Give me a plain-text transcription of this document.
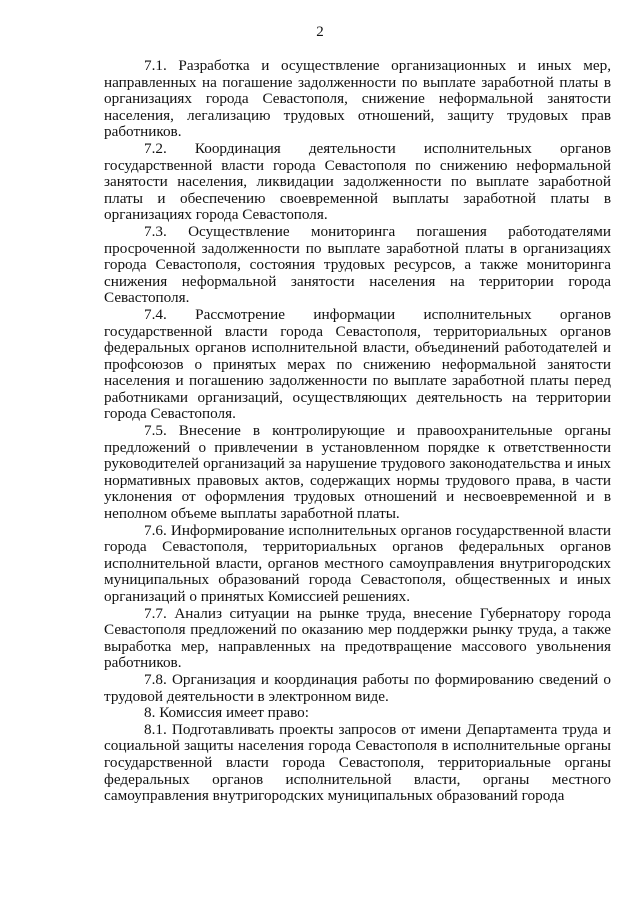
2

7.1. Разработка и осуществление организационных и иных мер, направленных на погашение задолженности по выплате заработной платы в организациях города Севастополя, снижение неформальной занятости населения, легализацию трудовых отношений, защиту трудовых прав работников.

7.2. Координация деятельности исполнительных органов государственной власти города Севастополя по снижению неформальной занятости населения, ликвидации задолженности по выплате заработной платы и обеспечению своевременной выплаты заработной платы в организациях города Севастополя.

7.3. Осуществление мониторинга погашения работодателями просроченной задолженности по выплате заработной платы в организациях города Севастополя, состояния трудовых ресурсов, а также мониторинга снижения неформальной занятости населения на территории города Севастополя.

7.4. Рассмотрение информации исполнительных органов государственной власти города Севастополя, территориальных органов федеральных органов исполнительной власти, объединений работодателей и профсоюзов о принятых мерах по снижению неформальной занятости населения и погашению задолженности по выплате заработной платы перед работниками организаций, осуществляющих деятельность на территории города Севастополя.

7.5. Внесение в контролирующие и правоохранительные органы предложений о привлечении в установленном порядке к ответственности руководителей организаций за нарушение трудового законодательства и иных нормативных правовых актов, содержащих нормы трудового права, в части уклонения от оформления трудовых отношений и несвоевременной и в неполном объеме выплаты заработной платы.

7.6. Информирование исполнительных органов государственной власти города Севастополя, территориальных органов федеральных органов исполнительной власти, органов местного самоуправления внутригородских муниципальных образований города Севастополя, общественных и иных организаций о принятых Комиссией решениях.

7.7. Анализ ситуации на рынке труда, внесение Губернатору города Севастополя предложений по оказанию мер поддержки рынку труда, а также выработка мер, направленных на предотвращение массового увольнения работников.

7.8. Организация и координация работы по формированию сведений о трудовой деятельности в электронном виде.

8. Комиссия имеет право:

8.1. Подготавливать проекты запросов от имени Департамента труда и социальной защиты населения города Севастополя в исполнительные органы государственной власти города Севастополя, территориальные органы федеральных органов исполнительной власти, органы местного самоуправления внутригородских муниципальных образований города
